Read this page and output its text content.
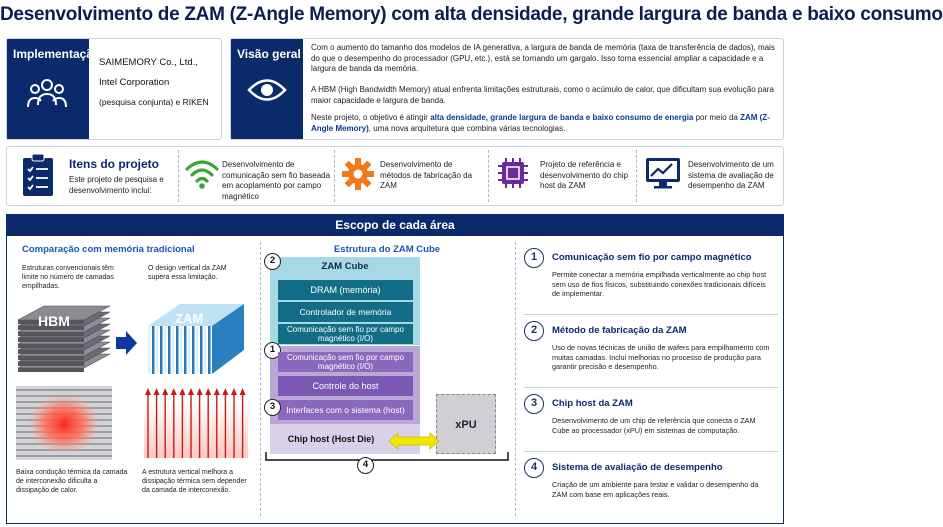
Desenvolvimento de ZAM (Z-Angle Memory) com alta densidade, grande largura de banda e baixo consumo
Implementação
SAIMEMORY Co., Ltd.,
Intel Corporation
(pesquisa conjunta) e RIKEN
Visão geral Com o aumento do tamanho dos modelos de IA generativa, a largura de banda de memória (taxa de transferência de dados), mais do que o desempenho do processador (GPU, etc.), está se tornando um gargalo. Isso torna essencial ampliar a capacidade e a largura de banda da memória.
A HBM (High Bandwidth Memory) atual enfrenta limitações estruturais, como o acúmulo de calor, que dificultam sua evolução para maior capacidade e largura de banda.
Neste projeto, o objetivo é atingir alta densidade, grande largura de banda e baixo consumo de energia por meio da ZAM (Z-Angle Memory), uma nova arquitetura que combina várias tecnologias.
Itens do projeto
Este projeto de pesquisa e desenvolvimento inclui:
Desenvolvimento de comunicação sem fio baseada em acoplamento por campo magnético
Desenvolvimento de métodos de fabricação da ZAM
Projeto de referência e desenvolvimento do chip host da ZAM
Desenvolvimento de um sistema de avaliação de desempenho da ZAM
Escopo de cada área
Comparação com memória tradicional
Estruturas convencionais têm limite no número de camadas empilhadas.
O design vertical da ZAM supera essa limitação.
HBM	ZAM
Baixa condução térmica da camada de interconexão dificulta a dissipação de calor.
A estrutura vertical melhora a dissipação térmica sem depender da camada de interconexão.
Estrutura do ZAM Cube
ZAM Cube
2
DRAM (memória)
Controlador de memória
Comunicação sem fio por campo magnético (I/O)
1
Comunicação sem fio por campo magnético (I/O)
Controle do host
Interfaces com o sistema (host)
3
Chip host (Host Die)
xPU
4
1	Comunicação sem fio por campo magnético
Permite conectar a memória empilhada verticalmente ao chip host sem uso de fios físicos, substituindo conexões tradicionais difíceis de implementar.
2	Método de fabricação da ZAM
Uso de novas técnicas de união de wafers para empilhamento com muitas camadas. Inclui melhorias no processo de produção para garantir precisão e desempenho.
3	Chip host da ZAM
Desenvolvimento de um chip de referência que conecta o ZAM Cube ao processador (xPU) em sistemas de computação.
4	Sistema de avaliação de desempenho
Criação de um ambiente para testar e validar o desempenho da ZAM com base em aplicações reais.
